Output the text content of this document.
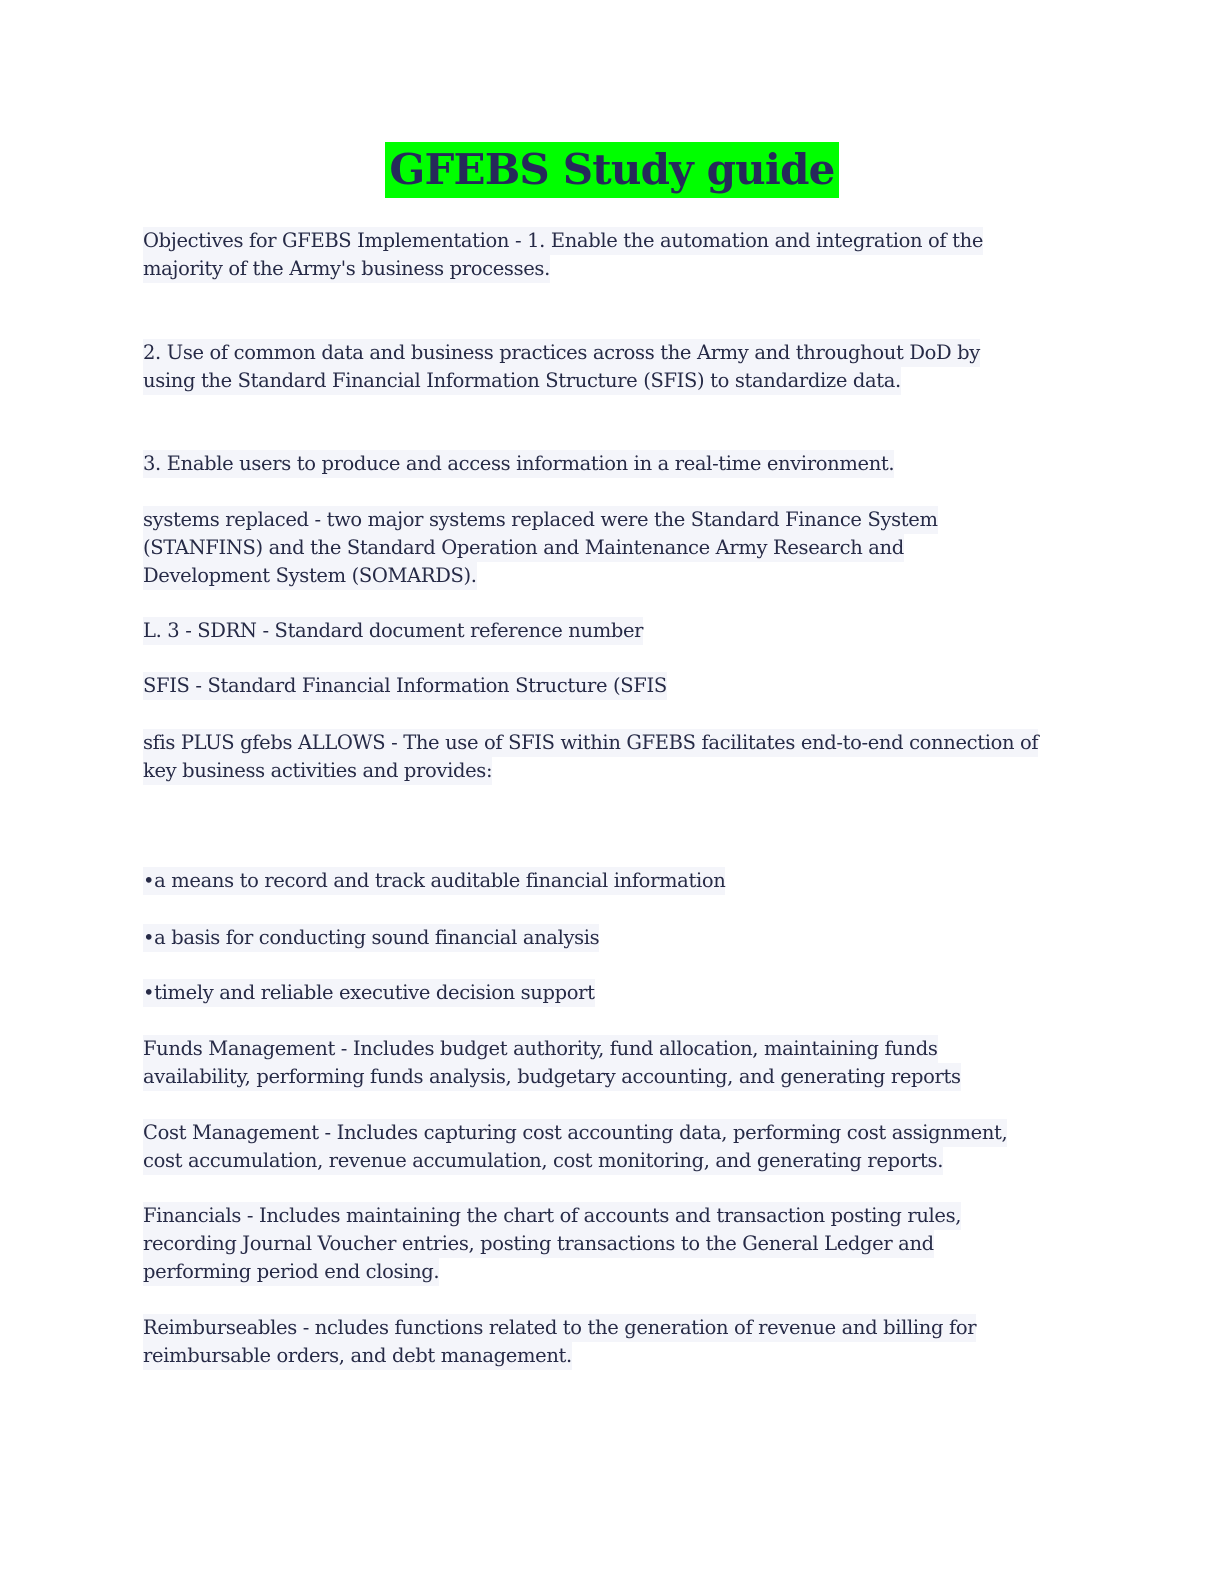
GFEBS Study guide
Objectives for GFEBS Implementation - 1. Enable the automation and integration of the
majority of the Army's business processes.
2. Use of common data and business practices across the Army and throughout DoD by
using the Standard Financial Information Structure (SFIS) to standardize data.
3. Enable users to produce and access information in a real-time environment.
systems replaced - two major systems replaced were the Standard Finance System
(STANFINS) and the Standard Operation and Maintenance Army Research and
Development System (SOMARDS).
L. 3 - SDRN - Standard document reference number
SFIS - Standard Financial Information Structure (SFIS
sfis PLUS gfebs ALLOWS - The use of SFIS within GFEBS facilitates end-to-end connection of
key business activities and provides:
•a means to record and track auditable financial information
•a basis for conducting sound financial analysis
•timely and reliable executive decision support
Funds Management - Includes budget authority, fund allocation, maintaining funds
availability, performing funds analysis, budgetary accounting, and generating reports
Cost Management - Includes capturing cost accounting data, performing cost assignment,
cost accumulation, revenue accumulation, cost monitoring, and generating reports.
Financials - Includes maintaining the chart of accounts and transaction posting rules,
recording Journal Voucher entries, posting transactions to the General Ledger and
performing period end closing.
Reimburseables - ncludes functions related to the generation of revenue and billing for
reimbursable orders, and debt management.
